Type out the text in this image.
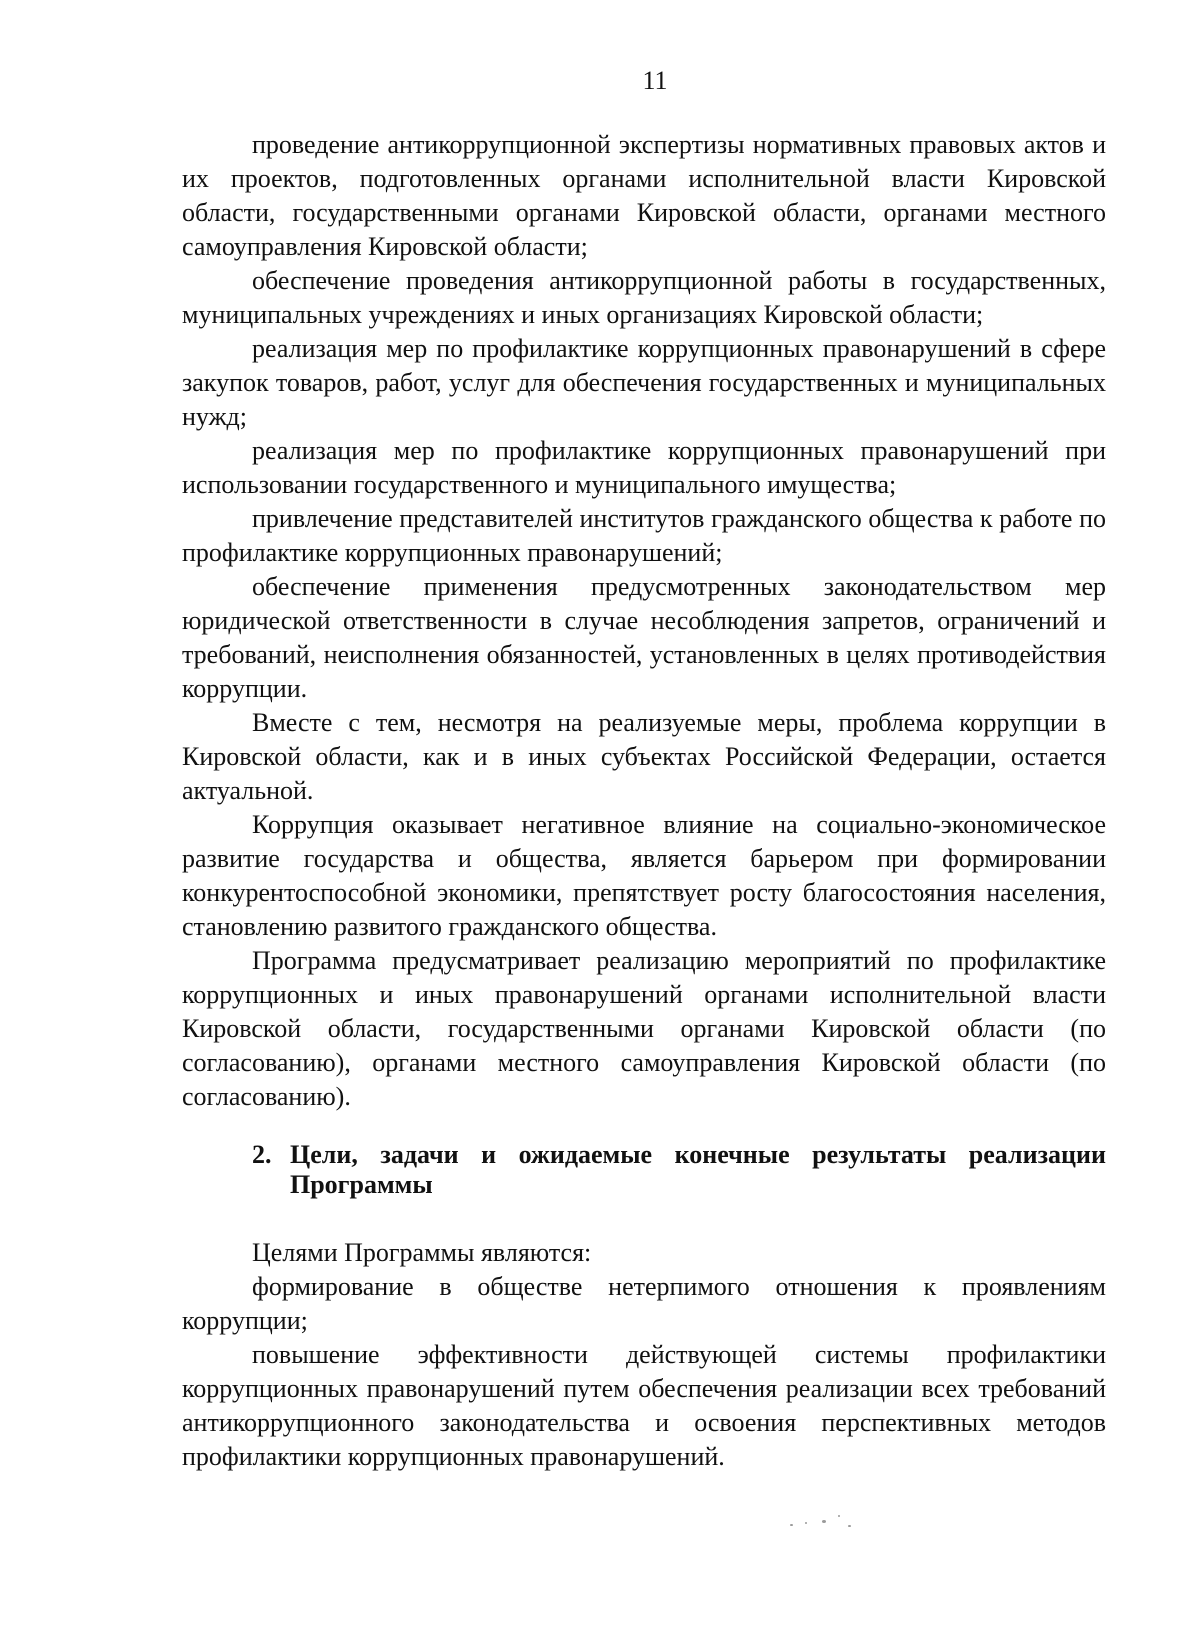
11

проведение антикоррупционной экспертизы нормативных правовых актов и их проектов, подготовленных органами исполнительной власти Кировской области, государственными органами Кировской области, органами местного самоуправления Кировской области;

обеспечение проведения антикоррупционной работы в государственных, муниципальных учреждениях и иных организациях Кировской области;

реализация мер по профилактике коррупционных правонарушений в сфере закупок товаров, работ, услуг для обеспечения государственных и муниципальных нужд;

реализация мер по профилактике коррупционных правонарушений при использовании государственного и муниципального имущества;

привлечение представителей институтов гражданского общества к работе по профилактике коррупционных правонарушений;

обеспечение применения предусмотренных законодательством мер юридической ответственности в случае несоблюдения запретов, ограничений и требований, неисполнения обязанностей, установленных в целях противодействия коррупции.

Вместе с тем, несмотря на реализуемые меры, проблема коррупции в Кировской области, как и в иных субъектах Российской Федерации, остается актуальной.

Коррупция оказывает негативное влияние на социально-экономическое развитие государства и общества, является барьером при формировании конкурентоспособной экономики, препятствует росту благосостояния населения, становлению развитого гражданского общества.

Программа предусматривает реализацию мероприятий по профилактике коррупционных и иных правонарушений органами исполнительной власти Кировской области, государственными органами Кировской области (по согласованию), органами местного самоуправления Кировской области (по согласованию).

2. Цели, задачи и ожидаемые конечные результаты реализации Программы

Целями Программы являются:

формирование в обществе нетерпимого отношения к проявлениям коррупции;

повышение эффективности действующей системы профилактики коррупционных правонарушений путем обеспечения реализации всех требований антикоррупционного законодательства и освоения перспективных методов профилактики коррупционных правонарушений.
